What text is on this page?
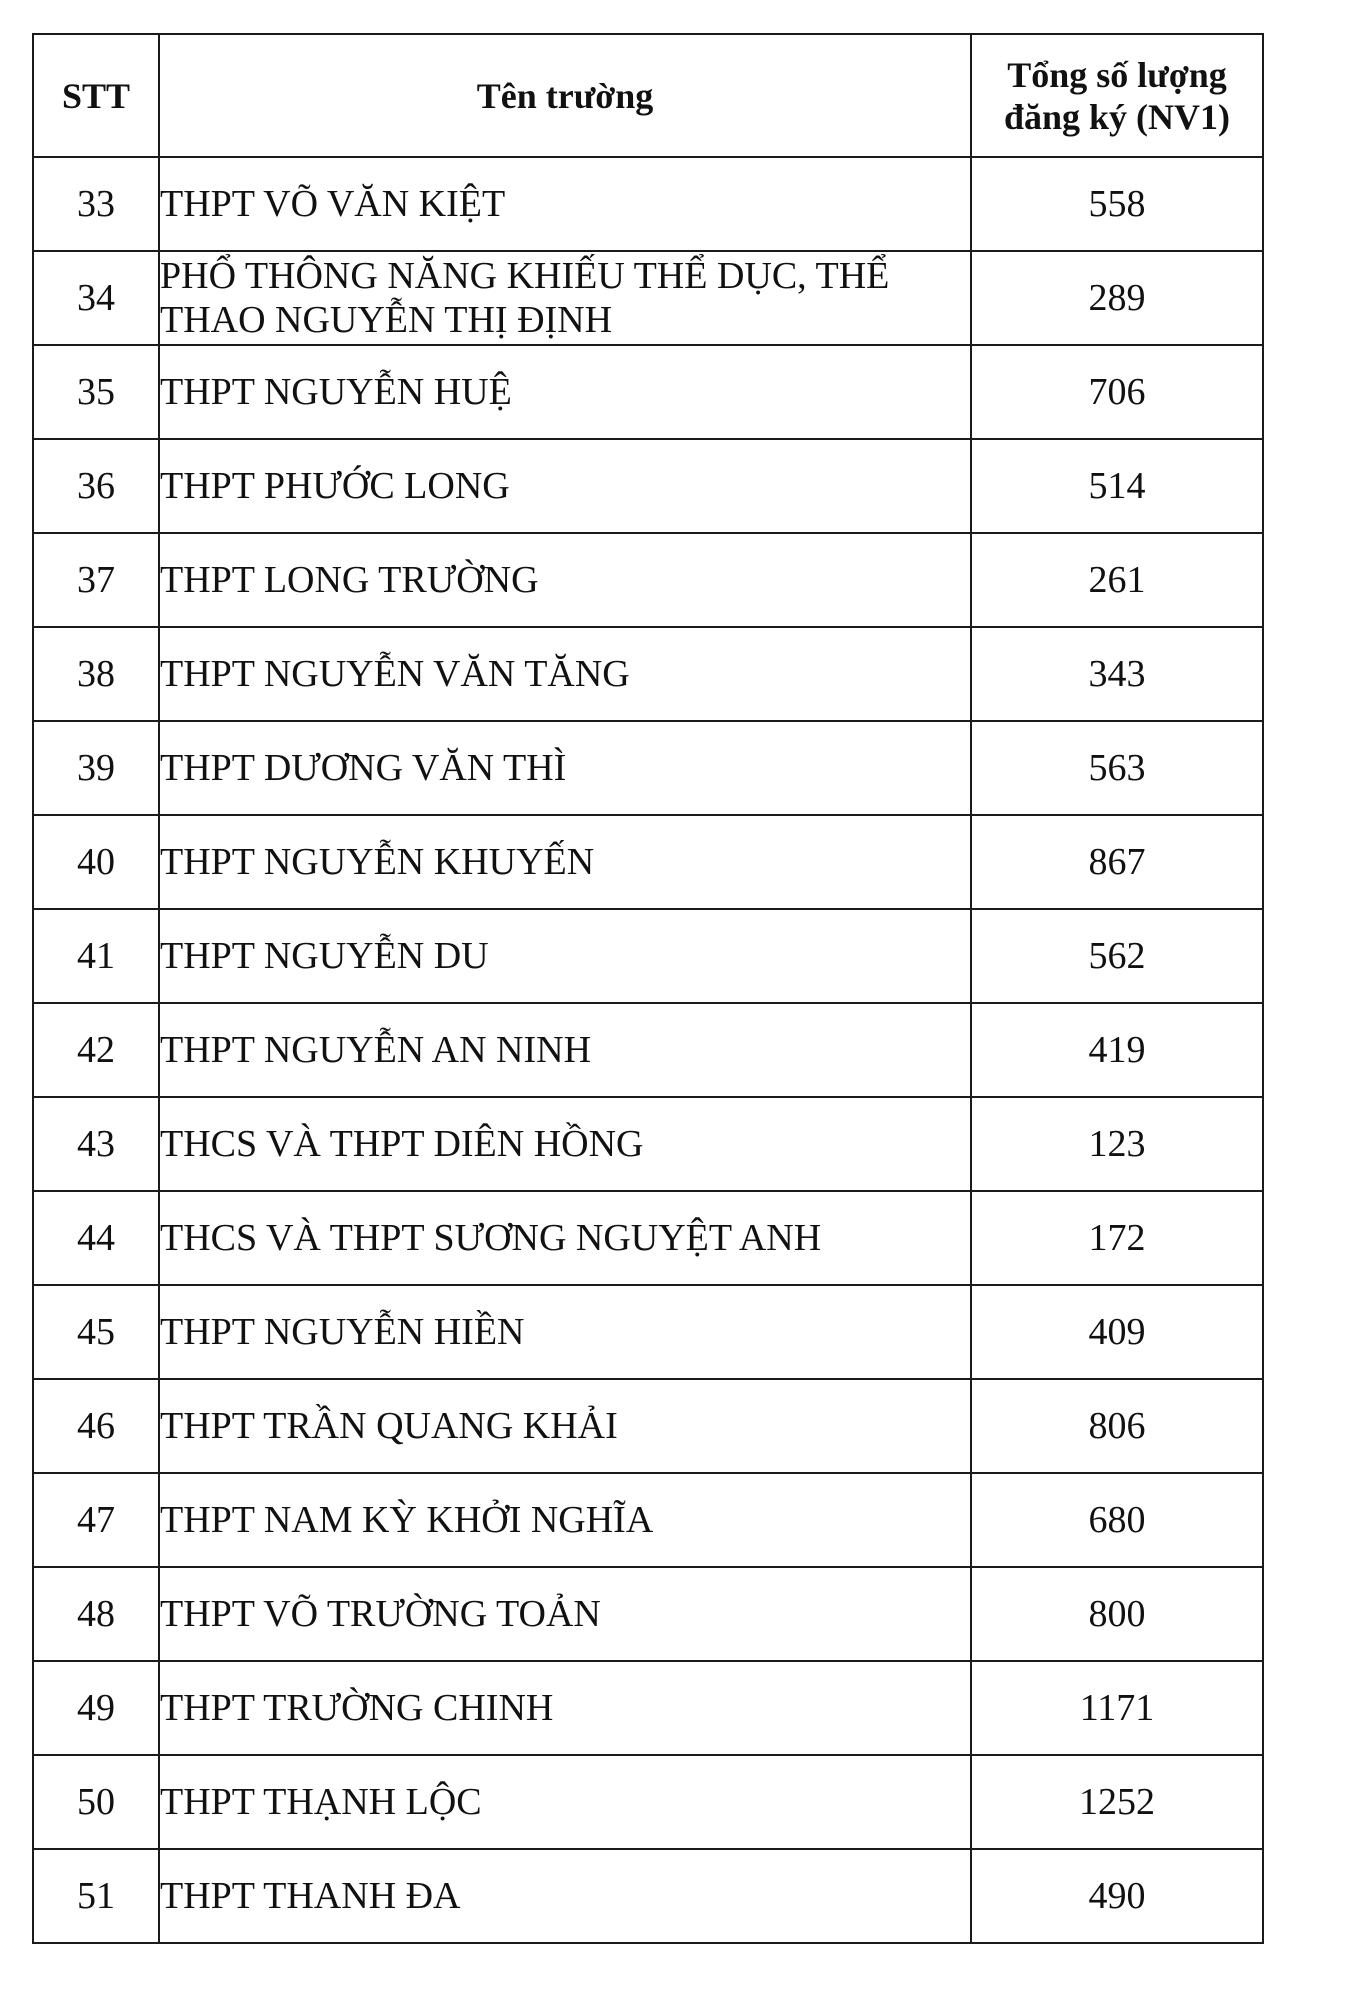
STT	Tên trường	Tổng số lượng
đăng ký (NV1)

33	THPT VÕ VĂN KIỆT	558
34	PHỔ THÔNG NĂNG KHIẾU THỂ DỤC, THỂ THAO NGUYỄN THỊ ĐỊNH	289
35	THPT NGUYỄN HUỆ	706
36	THPT PHƯỚC LONG	514
37	THPT LONG TRƯỜNG	261
38	THPT NGUYỄN VĂN TĂNG	343
39	THPT DƯƠNG VĂN THÌ	563
40	THPT NGUYỄN KHUYẾN	867
41	THPT NGUYỄN DU	562
42	THPT NGUYỄN AN NINH	419
43	THCS VÀ THPT DIÊN HỒNG	123
44	THCS VÀ THPT SƯƠNG NGUYỆT ANH	172
45	THPT NGUYỄN HIỀN	409
46	THPT TRẦN QUANG KHẢI	806
47	THPT NAM KỲ KHỞI NGHĨA	680
48	THPT VÕ TRƯỜNG TOẢN	800
49	THPT TRƯỜNG CHINH	1171
50	THPT THẠNH LỘC	1252
51	THPT THANH ĐA	490
